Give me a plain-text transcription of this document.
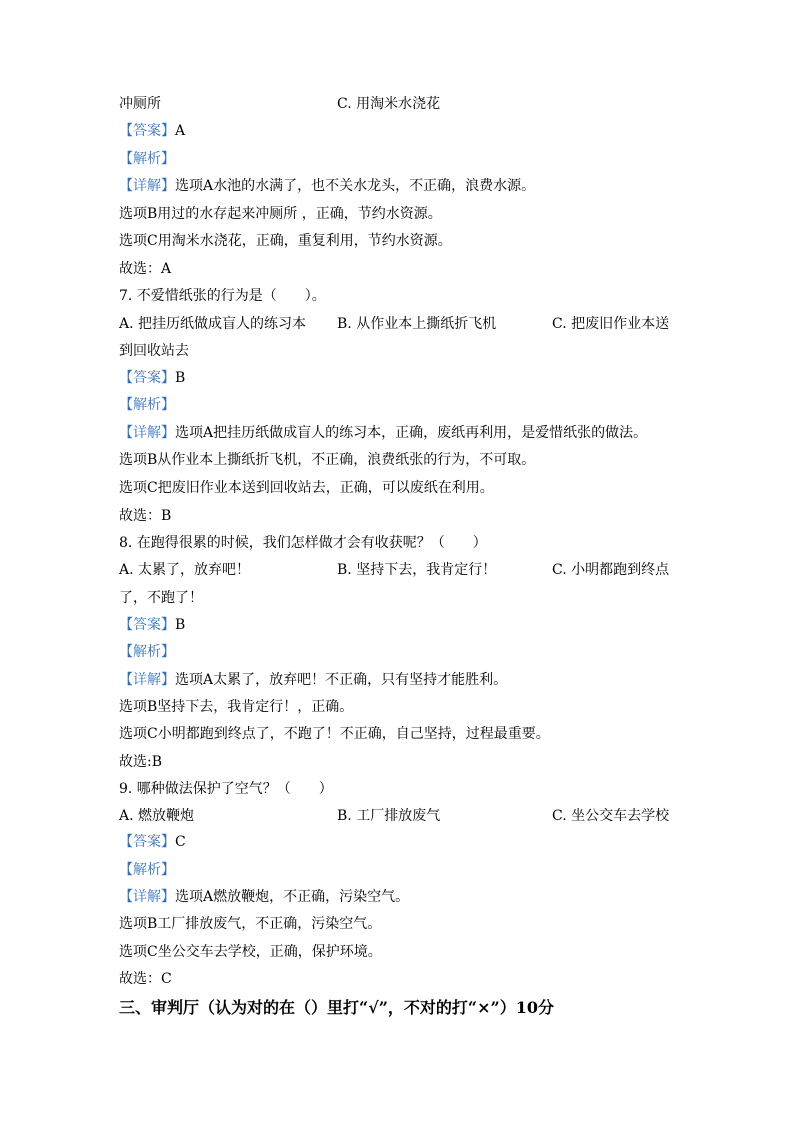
冲厕所	C. 用淘米水浇花
【答案】A
【解析】
【详解】选项A水池的水满了，也不关水龙头，不正确，浪费水源。
选项B用过的水存起来冲厕所 ，正确，节约水资源。
选项C用淘米水浇花，正确，重复利用，节约水资源。
故选：A
7. 不爱惜纸张的行为是（　　）。
A. 把挂历纸做成盲人的练习本	B. 从作业本上撕纸折飞机	C. 把废旧作业本送
到回收站去
【答案】B
【解析】
【详解】选项A把挂历纸做成盲人的练习本，正确，废纸再利用，是爱惜纸张的做法。
选项B从作业本上撕纸折飞机，不正确，浪费纸张的行为，不可取。
选项C把废旧作业本送到回收站去，正确，可以废纸在利用。
故选：B
8. 在跑得很累的时候，我们怎样做才会有收获呢？（　　）
A. 太累了，放弃吧！	B. 坚持下去，我肯定行！	C. 小明都跑到终点
了，不跑了！
【答案】B
【解析】
【详解】选项A太累了，放弃吧！不正确，只有坚持才能胜利。
选项B坚持下去，我肯定行！，正确。
选项C小明都跑到终点了，不跑了！不正确，自己坚持，过程最重要。
故选:B
9. 哪种做法保护了空气？（　　）
A. 燃放鞭炮	B. 工厂排放废气	C. 坐公交车去学校
【答案】C
【解析】
【详解】选项A燃放鞭炮，不正确，污染空气。
选项B工厂排放废气，不正确，污染空气。
选项C坐公交车去学校，正确，保护环境。
故选：C
三、审判厅（认为对的在（）里打“√”，不对的打“×”）10分
